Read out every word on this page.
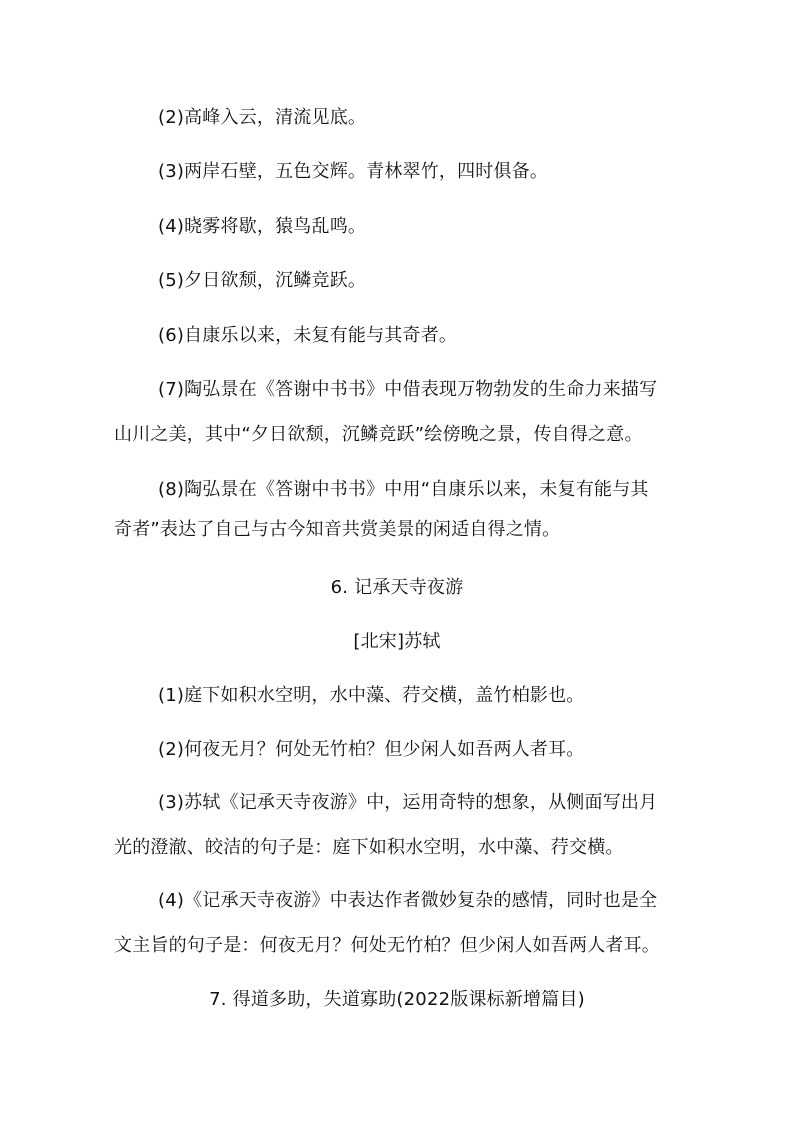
(2)高峰入云，清流见底。
(3)两岸石壁，五色交辉。青林翠竹，四时俱备。
(4)晓雾将歇，猿鸟乱鸣。
(5)夕日欲颓，沉鳞竞跃。
(6)自康乐以来，未复有能与其奇者。
(7)陶弘景在《答谢中书书》中借表现万物勃发的生命力来描写
山川之美，其中“夕日欲颓，沉鳞竞跃”绘傍晚之景，传自得之意。
(8)陶弘景在《答谢中书书》中用“自康乐以来，未复有能与其
奇者”表达了自己与古今知音共赏美景的闲适自得之情。
6. 记承天寺夜游
[北宋]苏轼
(1)庭下如积水空明，水中藻、荇交横，盖竹柏影也。
(2)何夜无月？何处无竹柏？但少闲人如吾两人者耳。
(3)苏轼《记承天寺夜游》中，运用奇特的想象，从侧面写出月
光的澄澈、皎洁的句子是：庭下如积水空明，水中藻、荇交横。
(4)《记承天寺夜游》中表达作者微妙复杂的感情，同时也是全
文主旨的句子是：何夜无月？何处无竹柏？但少闲人如吾两人者耳。
7. 得道多助，失道寡助(2022版课标新增篇目)
